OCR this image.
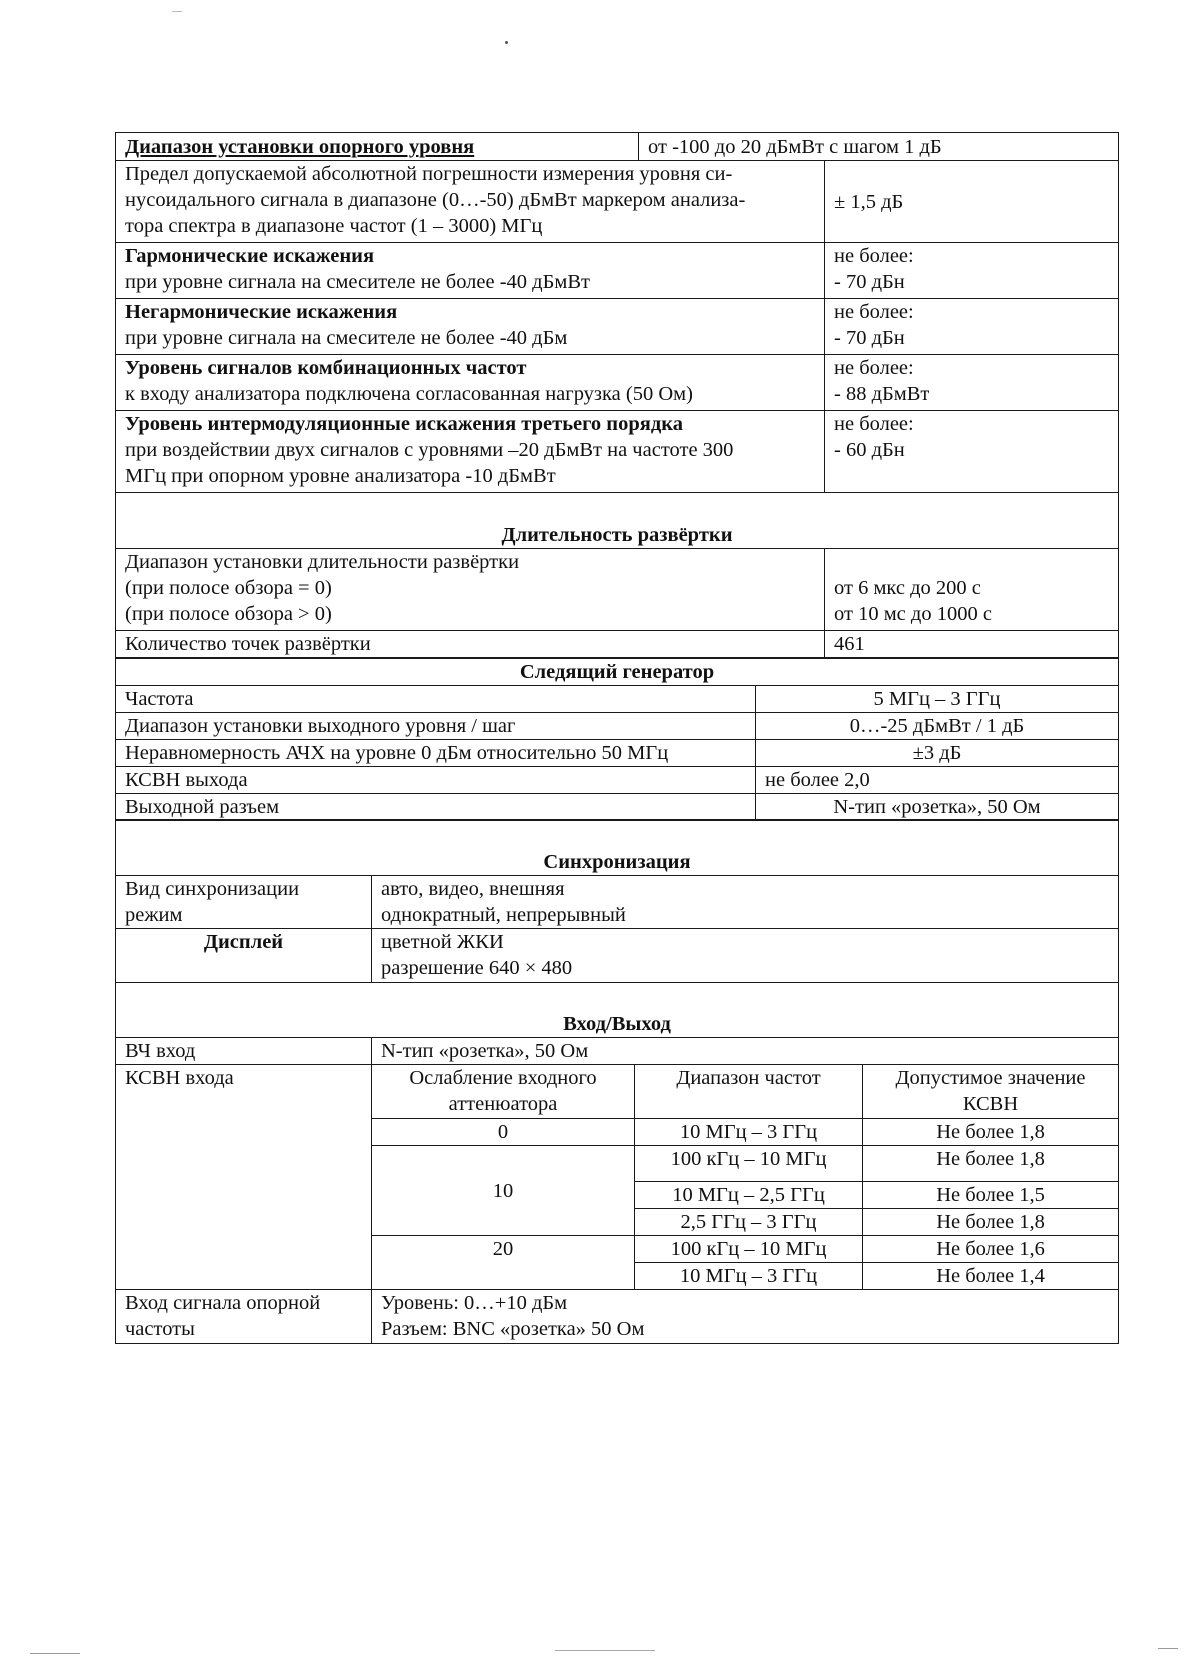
Диапазон установки опорного уровня	от -100 до 20 дБмВт с шагом 1 дБ	

Предел допускаемой абсолютной погрешности измерения уровня си-
нусоидального сигнала в диапазоне (0…-50) дБмВт маркером анализа-
тора спектра в диапазоне частот (1 – 3000) МГц		± 1,5 дБ

Гармонические искажения
при уровне сигнала на смесителе не более -40 дБмВт		не более:
- 70 дБн

Негармонические искажения
при уровне сигнала на смесителе не более -40 дБм		не более:
- 70 дБн

Уровень сигналов комбинационных частот
к входу анализатора подключена согласованная нагрузка (50 Ом)		не более:
- 88 дБмВт

Уровень интермодуляционные искажения третьего порядка
при воздействии двух сигналов с уровнями –20 дБмВт на частоте 300
МГц при опорном уровне анализатора -10 дБмВт		не более:
- 60 дБн

Длительность развёртки		

Диапазон установки длительности развёртки
(при полосе обзора = 0)
(при полосе обзора > 0)		от 6 мкс до 200 с
от 10 мс до 1000 с

Количество точек развёртки		461
Следящий генератор	
Частота	5 МГц – 3 ГГц
Диапазон установки выходного уровня / шаг	0…-25 дБмВт / 1 дБ
Неравномерность АЧХ на уровне 0 дБм относительно 50 МГц	±3 дБ
КСВН выхода	не более 2,0
Выходной разъем	N-тип «розетка», 50 Ом
Синхронизация	

Вид синхронизации
режим	авто, видео, внешняя
однократный, непрерывный

Дисплей	цветной ЖКИ
разрешение 640 × 480
Вход/Выход			
ВЧ вход	N-тип «розетка», 50 Ом		
КСВН входа	Ослабление входного аттенюатора	Диапазон частот	Допустимое значение КСВН
	0	10 МГц – 3 ГГц	Не более 1,8
	10	100 кГц – 10 МГц	Не более 1,8
		10 МГц – 2,5 ГГц	Не более 1,5
		2,5 ГГц – 3 ГГц	Не более 1,8
	20	100 кГц – 10 МГц	Не более 1,6
		10 МГц – 3 ГГц	Не более 1,4

Вход сигнала опорной
частоты	Уровень: 0…+10 дБм
Разъем: BNC «розетка» 50 Ом		
